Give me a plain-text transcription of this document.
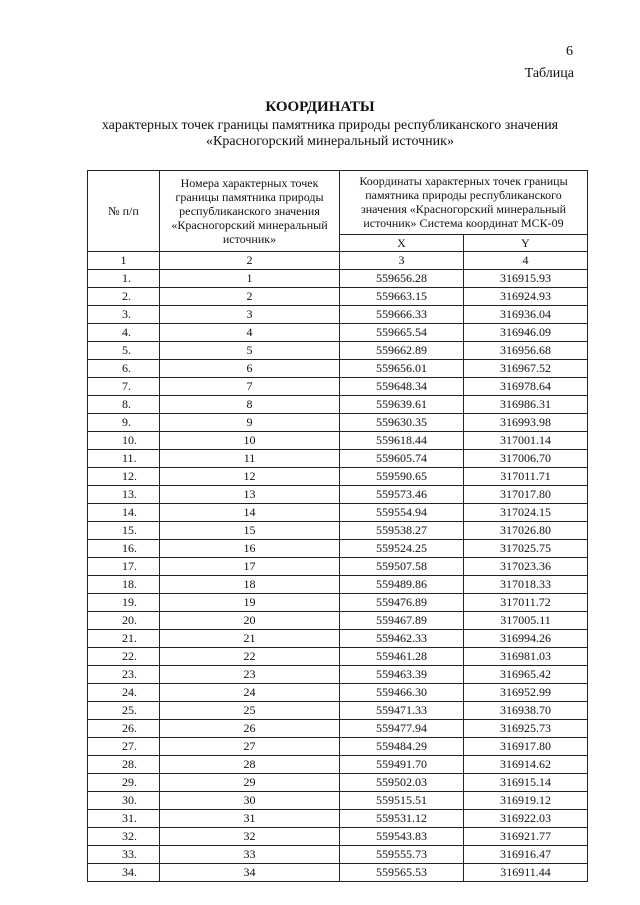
6
Таблица
КООРДИНАТЫ
характерных точек границы памятника природы республиканского значения «Красногорский минеральный источник»
№ п/п	Номера характерных точек границы памятника природы республиканского значения «Красногорский минеральный источник»	Координаты характерных точек границы памятника природы республиканского значения «Красногорский минеральный источник» Система координат МСК-09	
		X	Y
1	2	3	4
1.	1	559656.28	316915.93
2.	2	559663.15	316924.93
3.	3	559666.33	316936.04
4.	4	559665.54	316946.09
5.	5	559662.89	316956.68
6.	6	559656.01	316967.52
7.	7	559648.34	316978.64
8.	8	559639.61	316986.31
9.	9	559630.35	316993.98
10.	10	559618.44	317001.14
11.	11	559605.74	317006.70
12.	12	559590.65	317011.71
13.	13	559573.46	317017.80
14.	14	559554.94	317024.15
15.	15	559538.27	317026.80
16.	16	559524.25	317025.75
17.	17	559507.58	317023.36
18.	18	559489.86	317018.33
19.	19	559476.89	317011.72
20.	20	559467.89	317005.11
21.	21	559462.33	316994.26
22.	22	559461.28	316981.03
23.	23	559463.39	316965.42
24.	24	559466.30	316952.99
25.	25	559471.33	316938.70
26.	26	559477.94	316925.73
27.	27	559484.29	316917.80
28.	28	559491.70	316914.62
29.	29	559502.03	316915.14
30.	30	559515.51	316919.12
31.	31	559531.12	316922.03
32.	32	559543.83	316921.77
33.	33	559555.73	316916.47
34.	34	559565.53	316911.44
